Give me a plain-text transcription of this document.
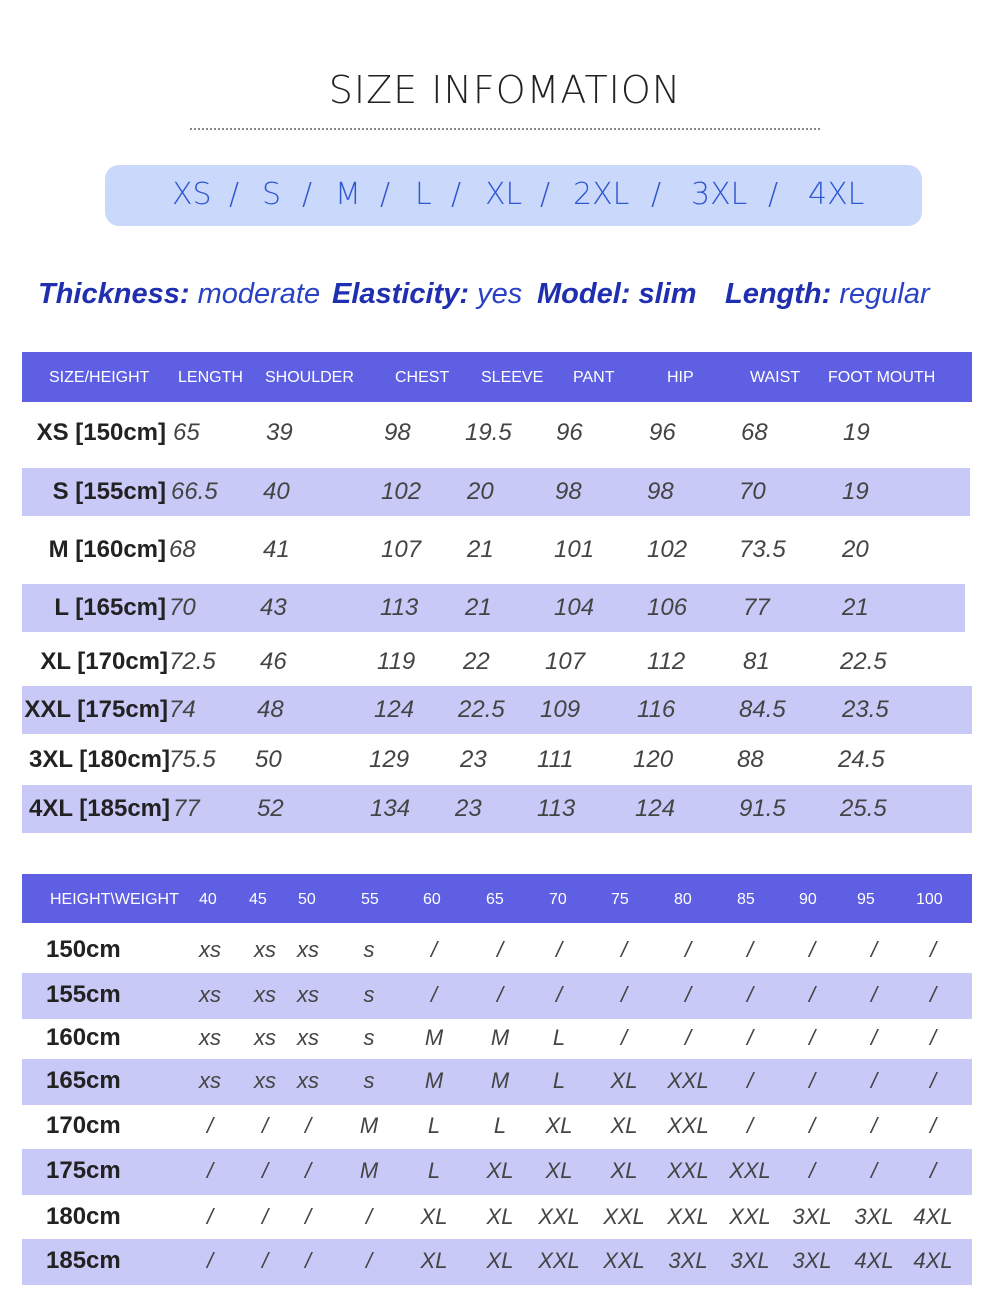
SIZE INFOMATION
XS / S / M / L / XL / 2XL / 3XL / 4XL
Thickness: moderate Elasticity: yes Model: slim Length: regular
SIZE/HEIGHT LENGTH SHOULDER	CHEST SLEEVE PANT	HIP	WAIST FOOT MOUTH
XS [150cm] 65	39	98 19.5 96	96	68	19
S [155cm] 66.5 40	102 20	98	98	70	19
M [160cm] 68	41	107 21	101 102 73.5 20
L [165cm] 70	43	113 21	104 106 77	21
XL [170cm] 72.5 46	119 22 107	112 81	22.5
XXL [175cm] 74	48	124 22.5 109 116	84.5 23.5
3XL [180cm] 75.5 50	129 23 111 120	88	24.5
4XL [185cm] 77 52	134 23 113 124	91.5 25.5
HEIGHT\WEIGHT 40 45 50	55	60	65	70	75	80	85	90	95	100
150cm	xs xs xs s	/	/ /	/	/	/	/	/ /
155cm	xs xs xs s	/	/ /	/	/	/	/	/ /
160cm	xs xs xs s M M L	/	/	/	/	/ /
165cm	xs xs xs s M M L XL XXL /	/	/ /
170cm	/ / / M L L XL XL XXL /	/	/ /
175cm	/ / / M L XL XL XL XXL XXL /	/ /
180cm	/ / / / XL XL XXL XXL XXL XXL 3XL 3XL 4XL
185cm	/ / / / XL XL XXL XXL 3XL 3XL 3XL 4XL 4XL
